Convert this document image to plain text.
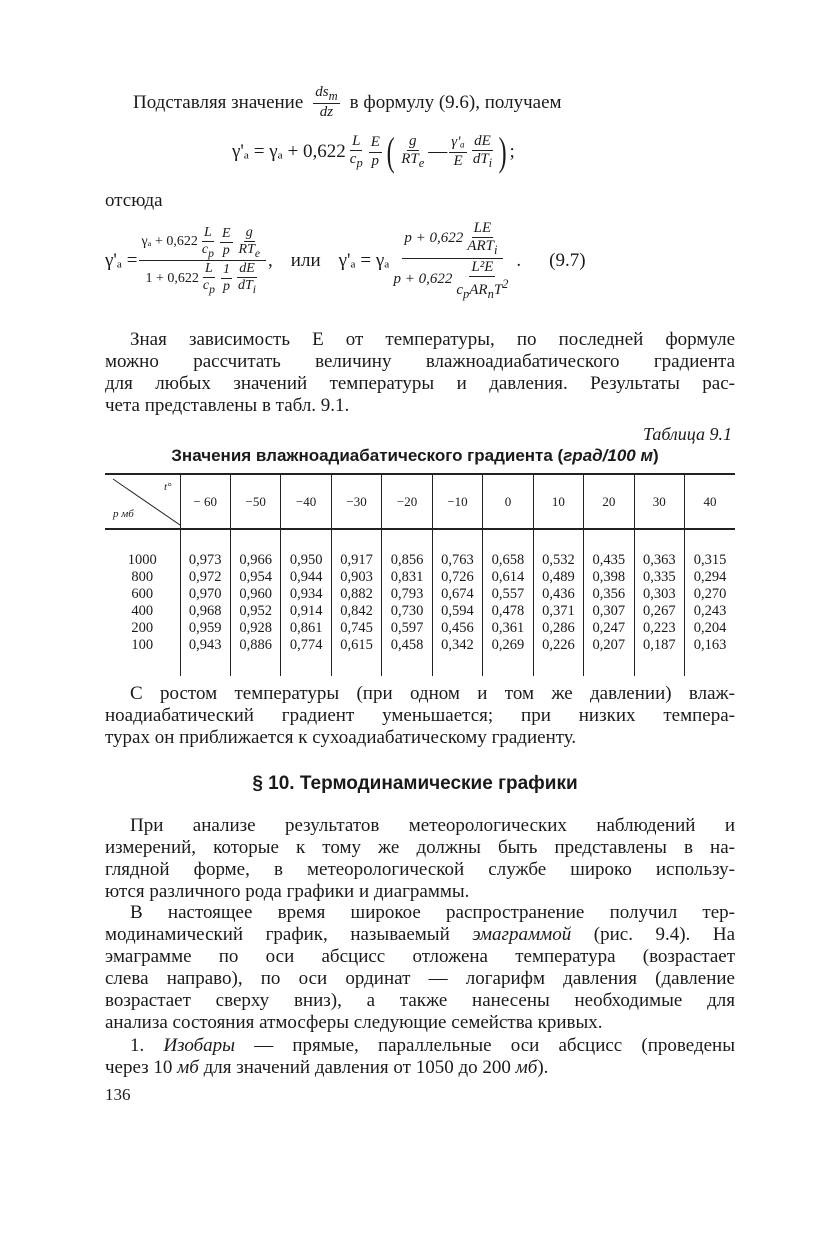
Подставляя значение $\frac{ds_m}{dz}$ в формулу (9.6), получаем
$\gamma'_a = \gamma_a + 0,622 \frac{L}{c_p} \frac{E}{p}$ ( $\frac{g}{RT_e}$ — $\frac{\text{γ'ₐ}}{E} \frac{dE}{dT_i}$ ) ;
отсюда
$\gamma'_a = \frac{\gamma_a + 0,622 \frac{L}{c_p} \frac{E}{p} \frac{g}{RT_e}}{1 + 0,622 \frac{L}{c_p} \frac{1}{p} \frac{dE}{dT_i}}$ , или γ'ₐ = γₐ $\frac{p + 0,622 \frac{LE}{ART_i}}{p + 0,622 \frac{\text{L²E}}{c_pAR_пT^2}}$ . (9.7)
Зная зависимость E от температуры, по последней формуле
можно рассчитать величину влажноадиабатического градиента
для любых значений температуры и давления. Результаты рас-
чета представлены в табл. 9.1.
Таблица 9.1
Значения влажноадиабатического градиента (град/100 м)
t°
p мб	− 60	−50	−40	−30	−20	−10	0	10	20	30	40
1000	0,973	0,966	0,950	0,917	0,856	0,763	0,658	0,532	0,435	0,363	0,315
800	0,972	0,954	0,944	0,903	0,831	0,726	0,614	0,489	0,398	0,335	0,294
600	0,970	0,960	0,934	0,882	0,793	0,674	0,557	0,436	0,356	0,303	0,270
400	0,968	0,952	0,914	0,842	0,730	0,594	0,478	0,371	0,307	0,267	0,243
200	0,959	0,928	0,861	0,745	0,597	0,456	0,361	0,286	0,247	0,223	0,204
100	0,943	0,886	0,774	0,615	0,458	0,342	0,269	0,226	0,207	0,187	0,163
С ростом температуры (при одном и том же давлении) влаж-
ноадиабатический градиент уменьшается; при низких темпера-
турах он приближается к сухоадиабатическому градиенту.
§ 10. Термодинамические графики
При анализе результатов метеорологических наблюдений и
измерений, которые к тому же должны быть представлены в на-
глядной форме, в метеорологической службе широко использу-
ются различного рода графики и диаграммы.
В настоящее время широкое распространение получил тер-
модинамический график, называемый эмаграммой (рис. 9.4). На
эмаграмме по оси абсцисс отложена температура (возрастает
слева направо), по оси ординат — логарифм давления (давление
возрастает сверху вниз), а также нанесены необходимые для
анализа состояния атмосферы следующие семейства кривых.
1. Изобары — прямые, параллельные оси абсцисс (проведены
через 10 мб для значений давления от 1050 до 200 мб).
136
